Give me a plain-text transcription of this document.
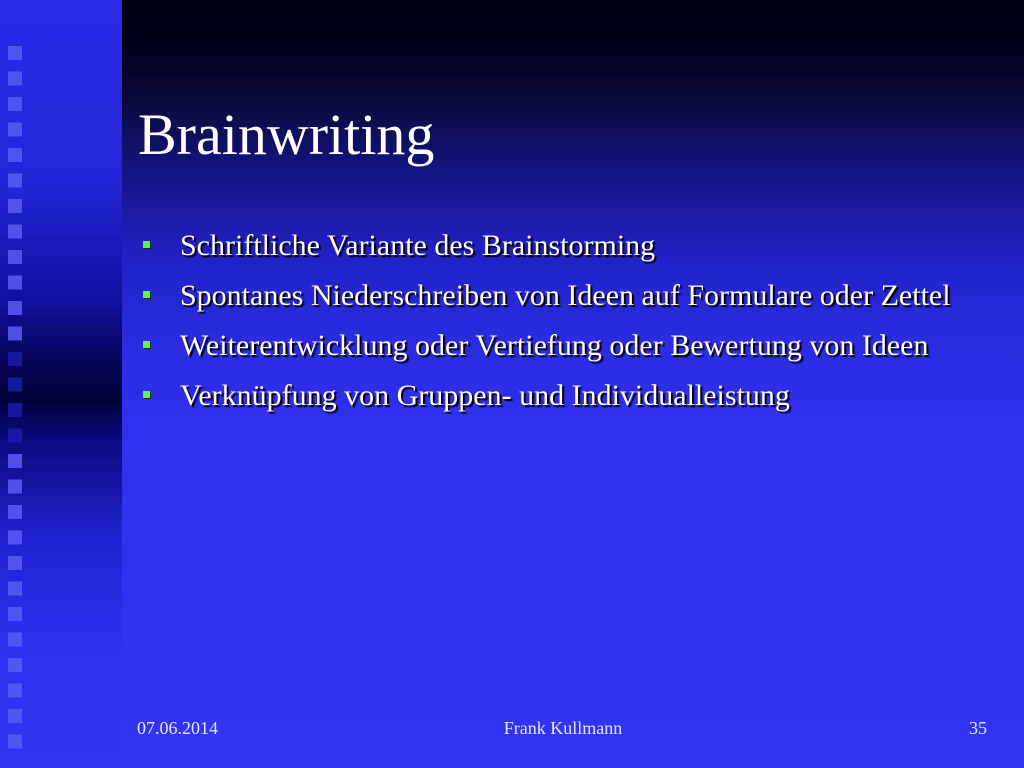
Brainwriting
Schriftliche Variante des Brainstorming
Spontanes Niederschreiben von Ideen auf Formulare oder Zettel
Weiterentwicklung oder Vertiefung oder Bewertung von Ideen
Verknüpfung von Gruppen- und Individualleistung
07.06.2014	Frank Kullmann	35
